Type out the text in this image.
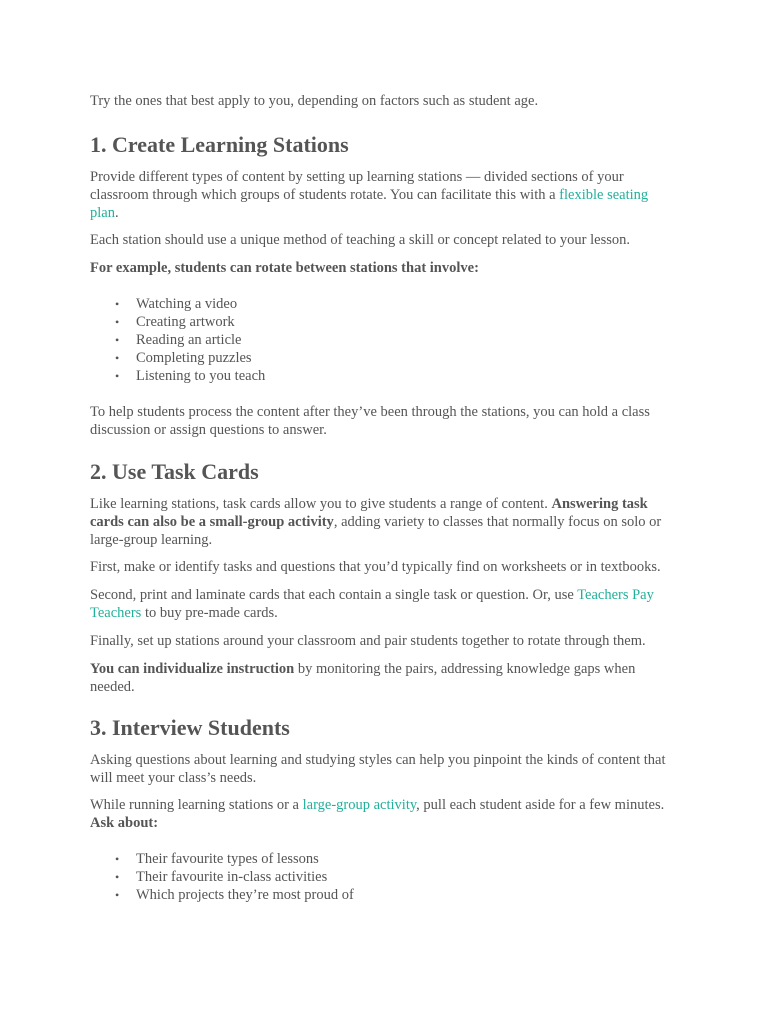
Try the ones that best apply to you, depending on factors such as student age.

1. Create Learning Stations

Provide different types of content by setting up learning stations — divided sections of your classroom through which groups of students rotate. You can facilitate this with a flexible seating plan.

Each station should use a unique method of teaching a skill or concept related to your lesson.

For example, students can rotate between stations that involve:

• Watching a video
• Creating artwork
• Reading an article
• Completing puzzles
• Listening to you teach

To help students process the content after they’ve been through the stations, you can hold a class discussion or assign questions to answer.

2. Use Task Cards

Like learning stations, task cards allow you to give students a range of content. Answering task cards can also be a small-group activity, adding variety to classes that normally focus on solo or large-group learning.

First, make or identify tasks and questions that you’d typically find on worksheets or in textbooks.

Second, print and laminate cards that each contain a single task or question. Or, use Teachers Pay Teachers to buy pre-made cards.

Finally, set up stations around your classroom and pair students together to rotate through them.

You can individualize instruction by monitoring the pairs, addressing knowledge gaps when needed.

3. Interview Students

Asking questions about learning and studying styles can help you pinpoint the kinds of content that will meet your class’s needs.

While running learning stations or a large-group activity, pull each student aside for a few minutes. Ask about:

• Their favourite types of lessons
• Their favourite in-class activities
• Which projects they’re most proud of
